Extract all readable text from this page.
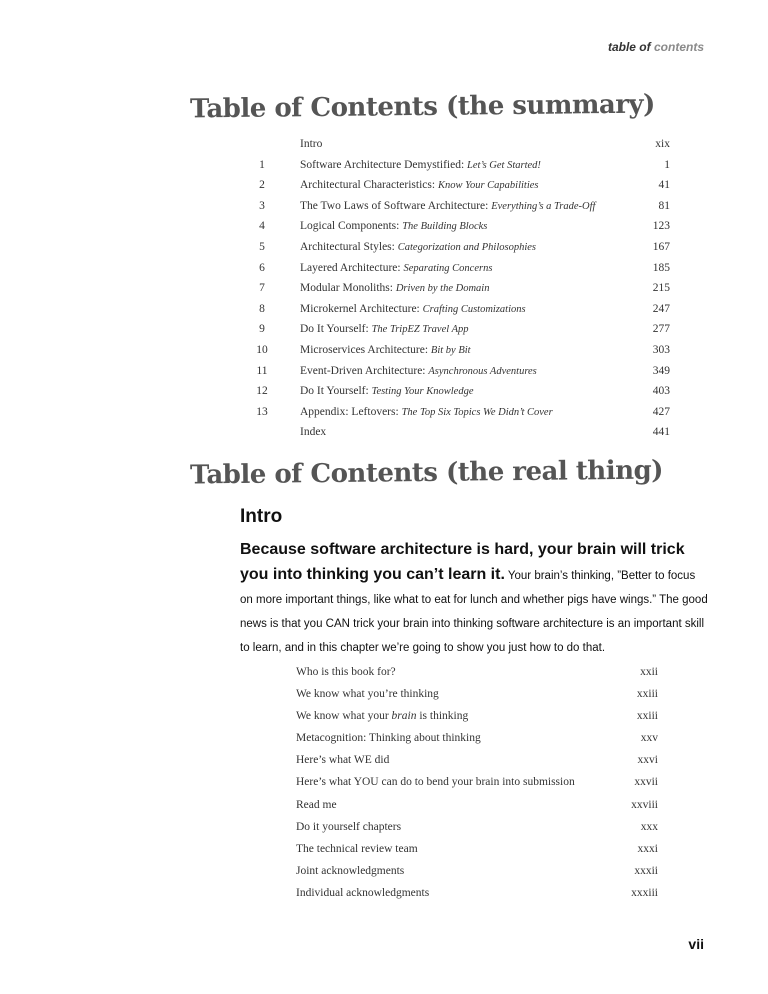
table of contents
Table of Contents (the summary)
Intro	xix
1	Software Architecture Demystified: Let’s Get Started!	1
2	Architectural Characteristics: Know Your Capabilities	41
3	The Two Laws of Software Architecture: Everything’s a Trade-Off	81
4	Logical Components: The Building Blocks	123
5	Architectural Styles: Categorization and Philosophies	167
6	Layered Architecture: Separating Concerns	185
7	Modular Monoliths: Driven by the Domain	215
8	Microkernel Architecture: Crafting Customizations	247
9	Do It Yourself: The TripEZ Travel App	277
10	Microservices Architecture: Bit by Bit	303
11	Event-Driven Architecture: Asynchronous Adventures	349
12	Do It Yourself: Testing Your Knowledge	403
13	Appendix: Leftovers: The Top Six Topics We Didn’t Cover	427
Index	441
Table of Contents (the real thing)
Intro
Because software architecture is hard, your brain will trick you into thinking you can’t learn it. Your brain’s thinking, ”Better to focus on more important things, like what to eat for lunch and whether pigs have wings.” The good news is that you CAN trick your brain into thinking software architecture is an important skill to learn, and in this chapter we’re going to show you just how to do that.
Who is this book for?	xxii
We know what you’re thinking	xxiii
We know what your brain is thinking	xxiii
Metacognition: Thinking about thinking	xxv
Here’s what WE did	xxvi
Here’s what YOU can do to bend your brain into submission	xxvii
Read me	xxviii
Do it yourself chapters	xxx
The technical review team	xxxi
Joint acknowledgments	xxxii
Individual acknowledgments	xxxiii
vii
